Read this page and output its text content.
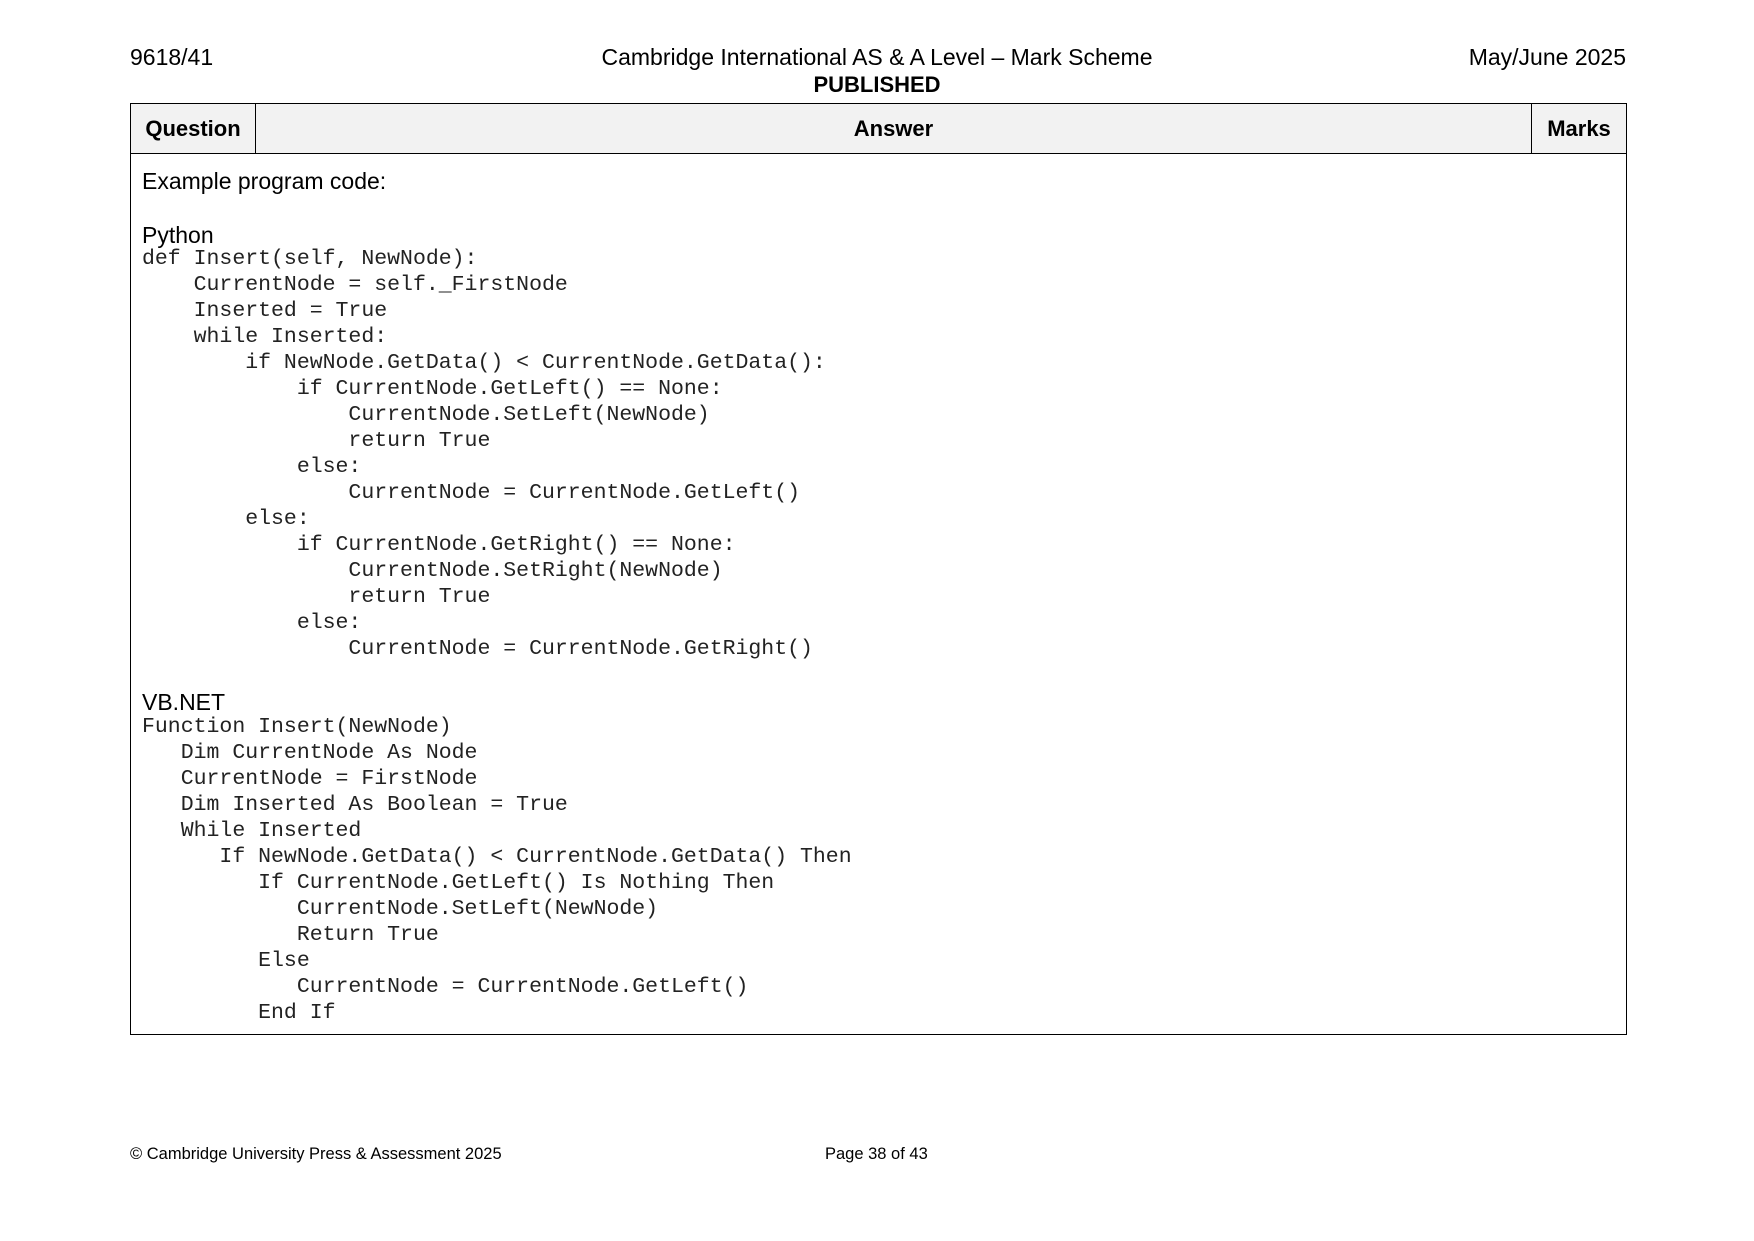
9618/41	Cambridge International AS & A Level – Mark Scheme
PUBLISHED
May/June 2025
Question	Answer	Marks

Example program code:
Python
def Insert(self, NewNode):
CurrentNode = self._FirstNode
Inserted = True
while Inserted:
if NewNode.GetData() < CurrentNode.GetData():
if CurrentNode.GetLeft() == None:
CurrentNode.SetLeft(NewNode)
return True
else:
CurrentNode = CurrentNode.GetLeft()
else:
if CurrentNode.GetRight() == None:
CurrentNode.SetRight(NewNode)
return True
else:
CurrentNode = CurrentNode.GetRight()
VB.NET
Function Insert(NewNode)
Dim CurrentNode As Node
CurrentNode = FirstNode
Dim Inserted As Boolean = True
While Inserted
If NewNode.GetData() < CurrentNode.GetData() Then
If CurrentNode.GetLeft() Is Nothing Then
CurrentNode.SetLeft(NewNode)
Return True
Else
CurrentNode = CurrentNode.GetLeft()
End If
© Cambridge University Press & Assessment 2025	Page 38 of 43
